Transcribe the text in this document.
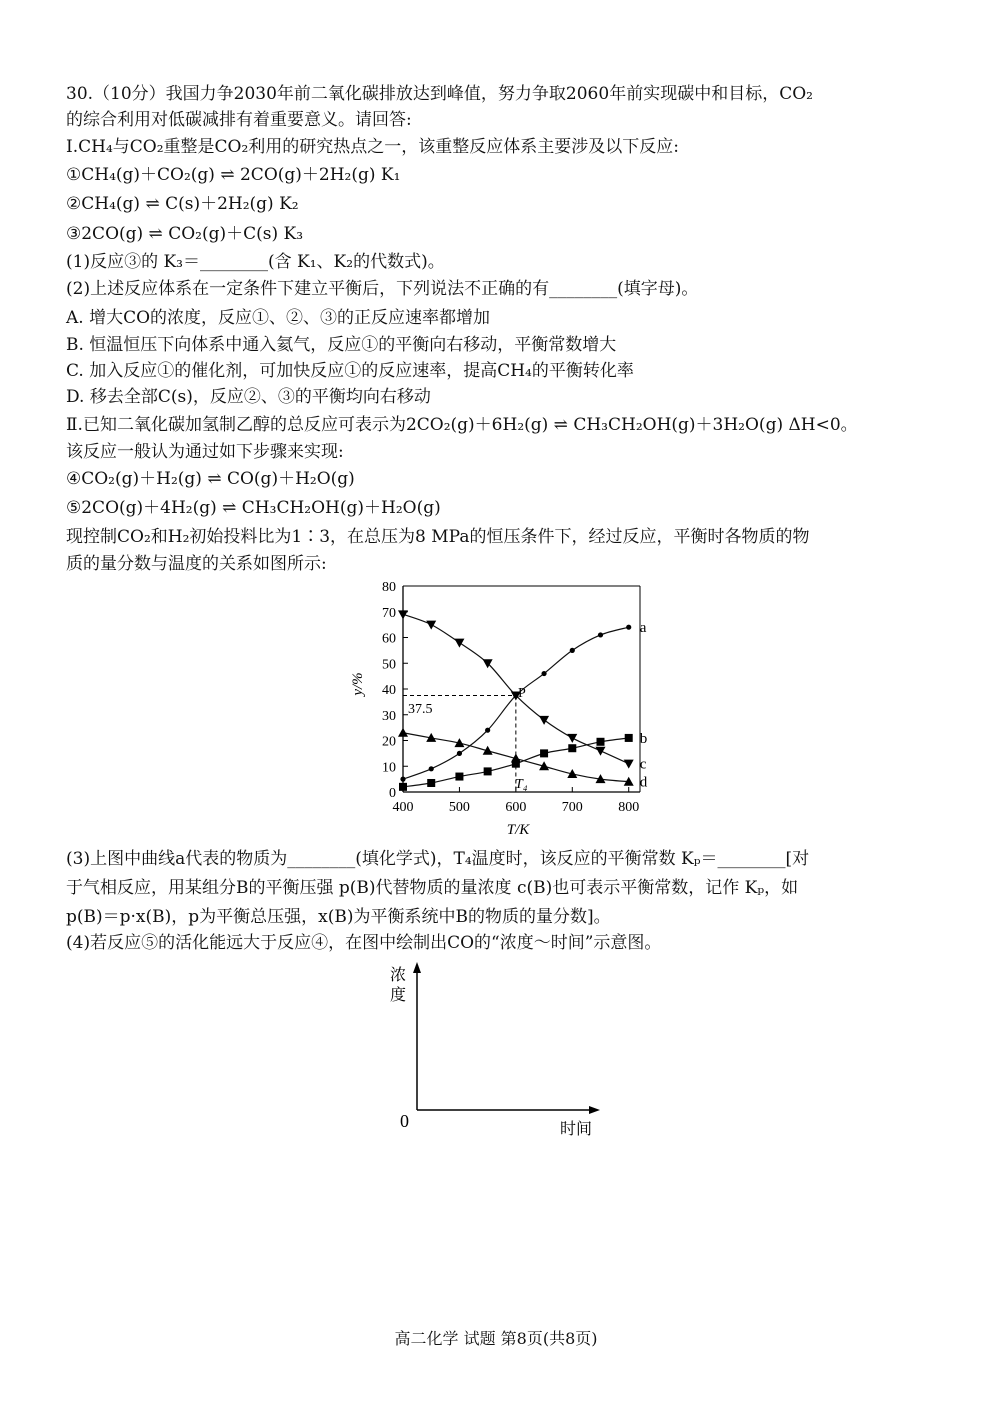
30.（10分）我国力争2030年前二氧化碳排放达到峰值，努力争取2060年前实现碳中和目标，CO₂
的综合利用对低碳减排有着重要意义。请回答:
Ⅰ.CH₄与CO₂重整是CO₂利用的研究热点之一，该重整反应体系主要涉及以下反应:
①CH₄(g)＋CO₂(g) ⇌ 2CO(g)＋2H₂(g) K₁
②CH₄(g) ⇌ C(s)＋2H₂(g) K₂
③2CO(g) ⇌ CO₂(g)＋C(s) K₃
(1)反应③的 K₃＝________(含 K₁、K₂的代数式)。
(2)上述反应体系在一定条件下建立平衡后，下列说法不正确的有________(填字母)。
A. 增大CO的浓度，反应①、②、③的正反应速率都增加
B. 恒温恒压下向体系中通入氦气，反应①的平衡向右移动，平衡常数增大
C. 加入反应①的催化剂，可加快反应①的反应速率，提高CH₄的平衡转化率
D. 移去全部C(s)，反应②、③的平衡均向右移动
Ⅱ.已知二氧化碳加氢制乙醇的总反应可表示为2CO₂(g)＋6H₂(g) ⇌ CH₃CH₂OH(g)＋3H₂O(g) ΔH<0。
该反应一般认为通过如下步骤来实现:
④CO₂(g)＋H₂(g) ⇌ CO(g)＋H₂O(g)
⑤2CO(g)＋4H₂(g) ⇌ CH₃CH₂OH(g)＋H₂O(g)
现控制CO₂和H₂初始投料比为1∶3，在总压为8 MPa的恒压条件下，经过反应，平衡时各物质的物
质的量分数与温度的关系如图所示:
0
10
20
30
40
50
60
70
80
400	500	600	700	800
a
b
c
d
y/%
T/K
37.5
P
T₄
(3)上图中曲线a代表的物质为________(填化学式)，T₄温度时，该反应的平衡常数 Kₚ＝________[对
于气相反应，用某组分B的平衡压强 p(B)代替物质的量浓度 c(B)也可表示平衡常数，记作 Kₚ，如
p(B)＝p·x(B)，p为平衡总压强，x(B)为平衡系统中B的物质的量分数]。
(4)若反应⑤的活化能远大于反应④，在图中绘制出CO的“浓度～时间”示意图。
浓
度
0	时间
高二化学 试题 第8页(共8页)
